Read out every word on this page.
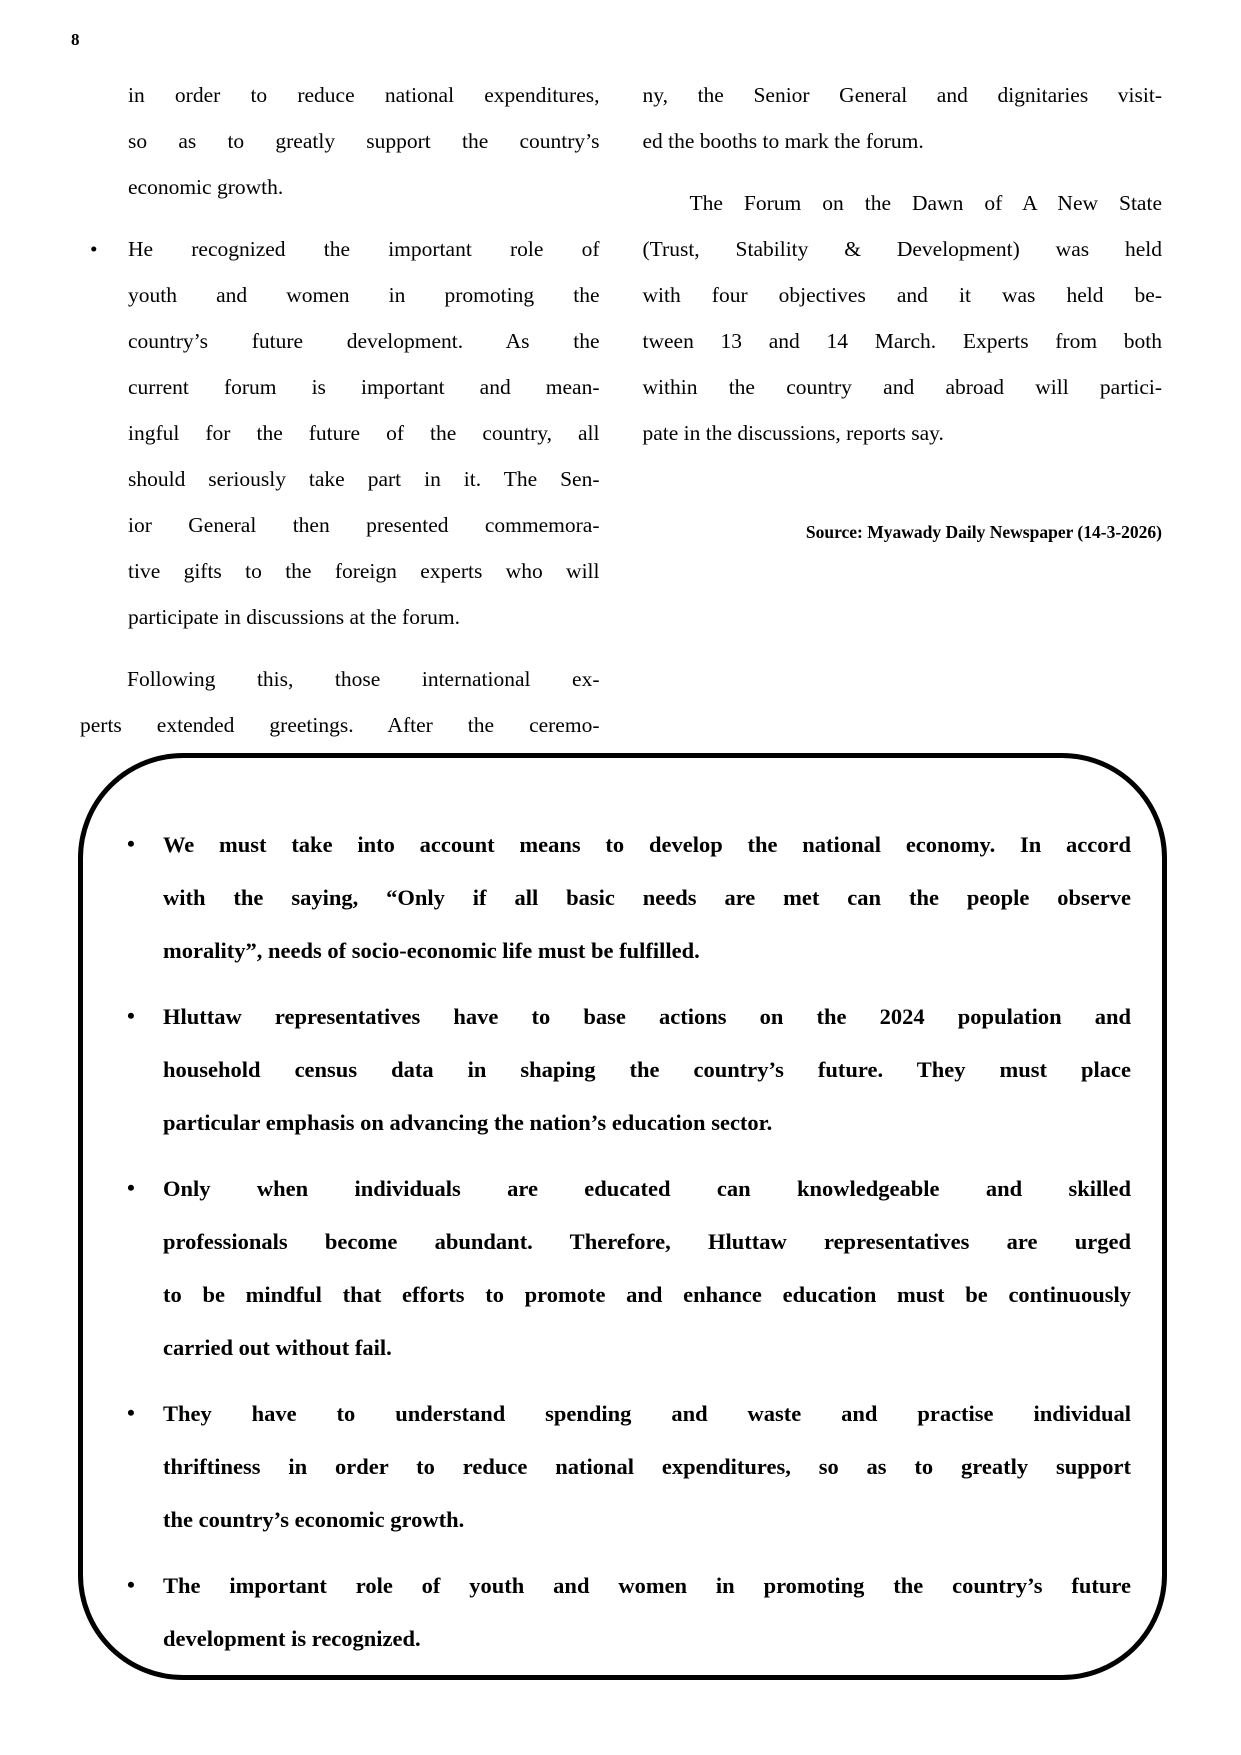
8
in order to reduce national expenditures,
so as to greatly support the country’s
economic growth.
• He recognized the important role of
youth and women in promoting the
country’s future development. As the
current forum is important and mean-
ingful for the future of the country, all
should seriously take part in it. The Sen-
ior General then presented commemora-
tive gifts to the foreign experts who will
participate in discussions at the forum.
Following this, those international ex-
perts extended greetings. After the ceremo-
ny, the Senior General and dignitaries visit-
ed the booths to mark the forum.
The Forum on the Dawn of A New State
(Trust, Stability & Development) was held
with four objectives and it was held be-
tween 13 and 14 March. Experts from both
within the country and abroad will partici-
pate in the discussions, reports say.
Source: Myawady Daily Newspaper (14-3-2026)
• We must take into account means to develop the national economy. In accord
with the saying, “Only if all basic needs are met can the people observe
morality”, needs of socio-economic life must be fulfilled.
• Hluttaw representatives have to base actions on the 2024 population and
household census data in shaping the country’s future. They must place
particular emphasis on advancing the nation’s education sector.
• Only when individuals are educated can knowledgeable and skilled
professionals become abundant. Therefore, Hluttaw representatives are urged
to be mindful that efforts to promote and enhance education must be continuously
carried out without fail.
• They have to understand spending and waste and practise individual
thriftiness in order to reduce national expenditures, so as to greatly support
the country’s economic growth.
• The important role of youth and women in promoting the country’s future
development is recognized.
